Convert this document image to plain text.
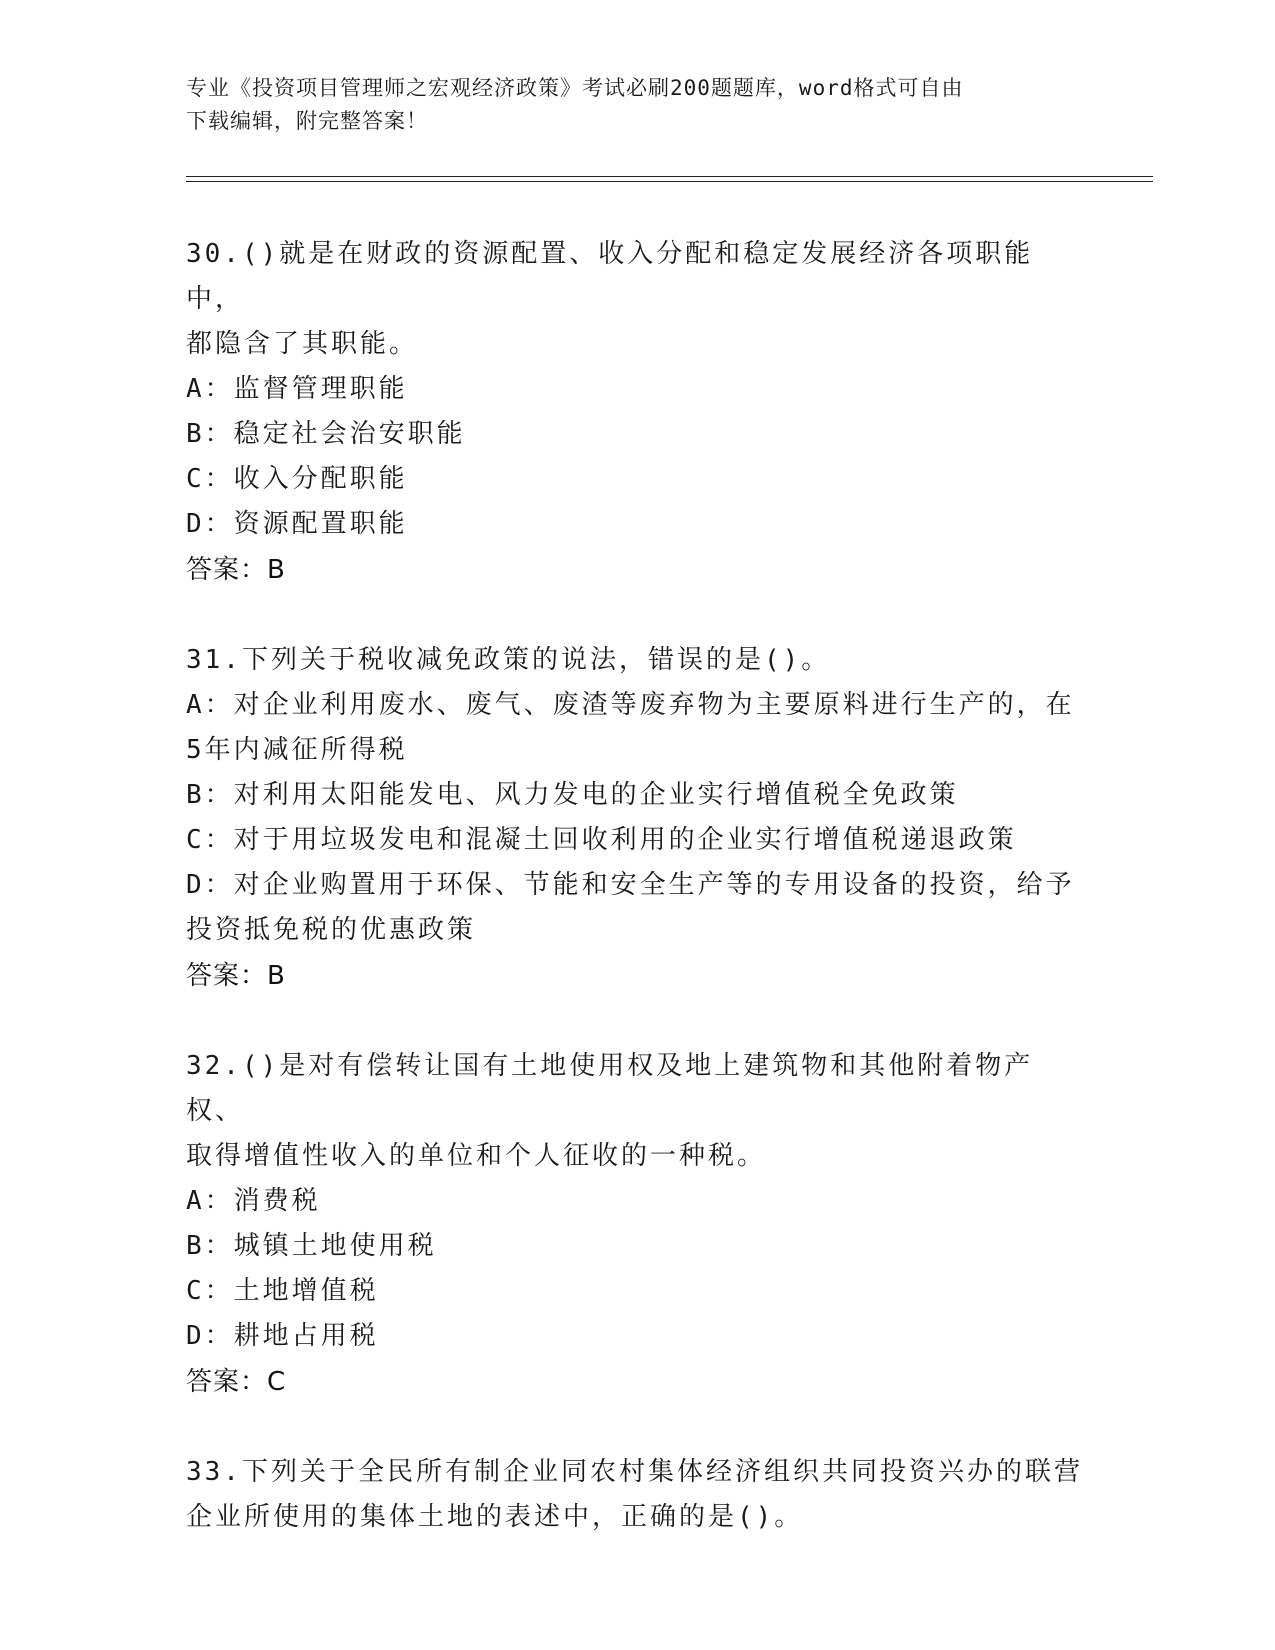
专业《投资项目管理师之宏观经济政策》考试必刷200题题库，word格式可自由
下载编辑，附完整答案！
30.()就是在财政的资源配置、收入分配和稳定发展经济各项职能中，
都隐含了其职能。
A：监督管理职能
B：稳定社会治安职能
C：收入分配职能
D：资源配置职能
答案：B
31.下列关于税收减免政策的说法，错误的是()。
A：对企业利用废水、废气、废渣等废弃物为主要原料进行生产的，在
5年内减征所得税
B：对利用太阳能发电、风力发电的企业实行增值税全免政策
C：对于用垃圾发电和混凝土回收利用的企业实行增值税递退政策
D：对企业购置用于环保、节能和安全生产等的专用设备的投资，给予
投资抵免税的优惠政策
答案：B
32.()是对有偿转让国有土地使用权及地上建筑物和其他附着物产权、
取得增值性收入的单位和个人征收的一种税。
A：消费税
B：城镇土地使用税
C：土地增值税
D：耕地占用税
答案：C
33.下列关于全民所有制企业同农村集体经济组织共同投资兴办的联营
企业所使用的集体土地的表述中，正确的是()。
